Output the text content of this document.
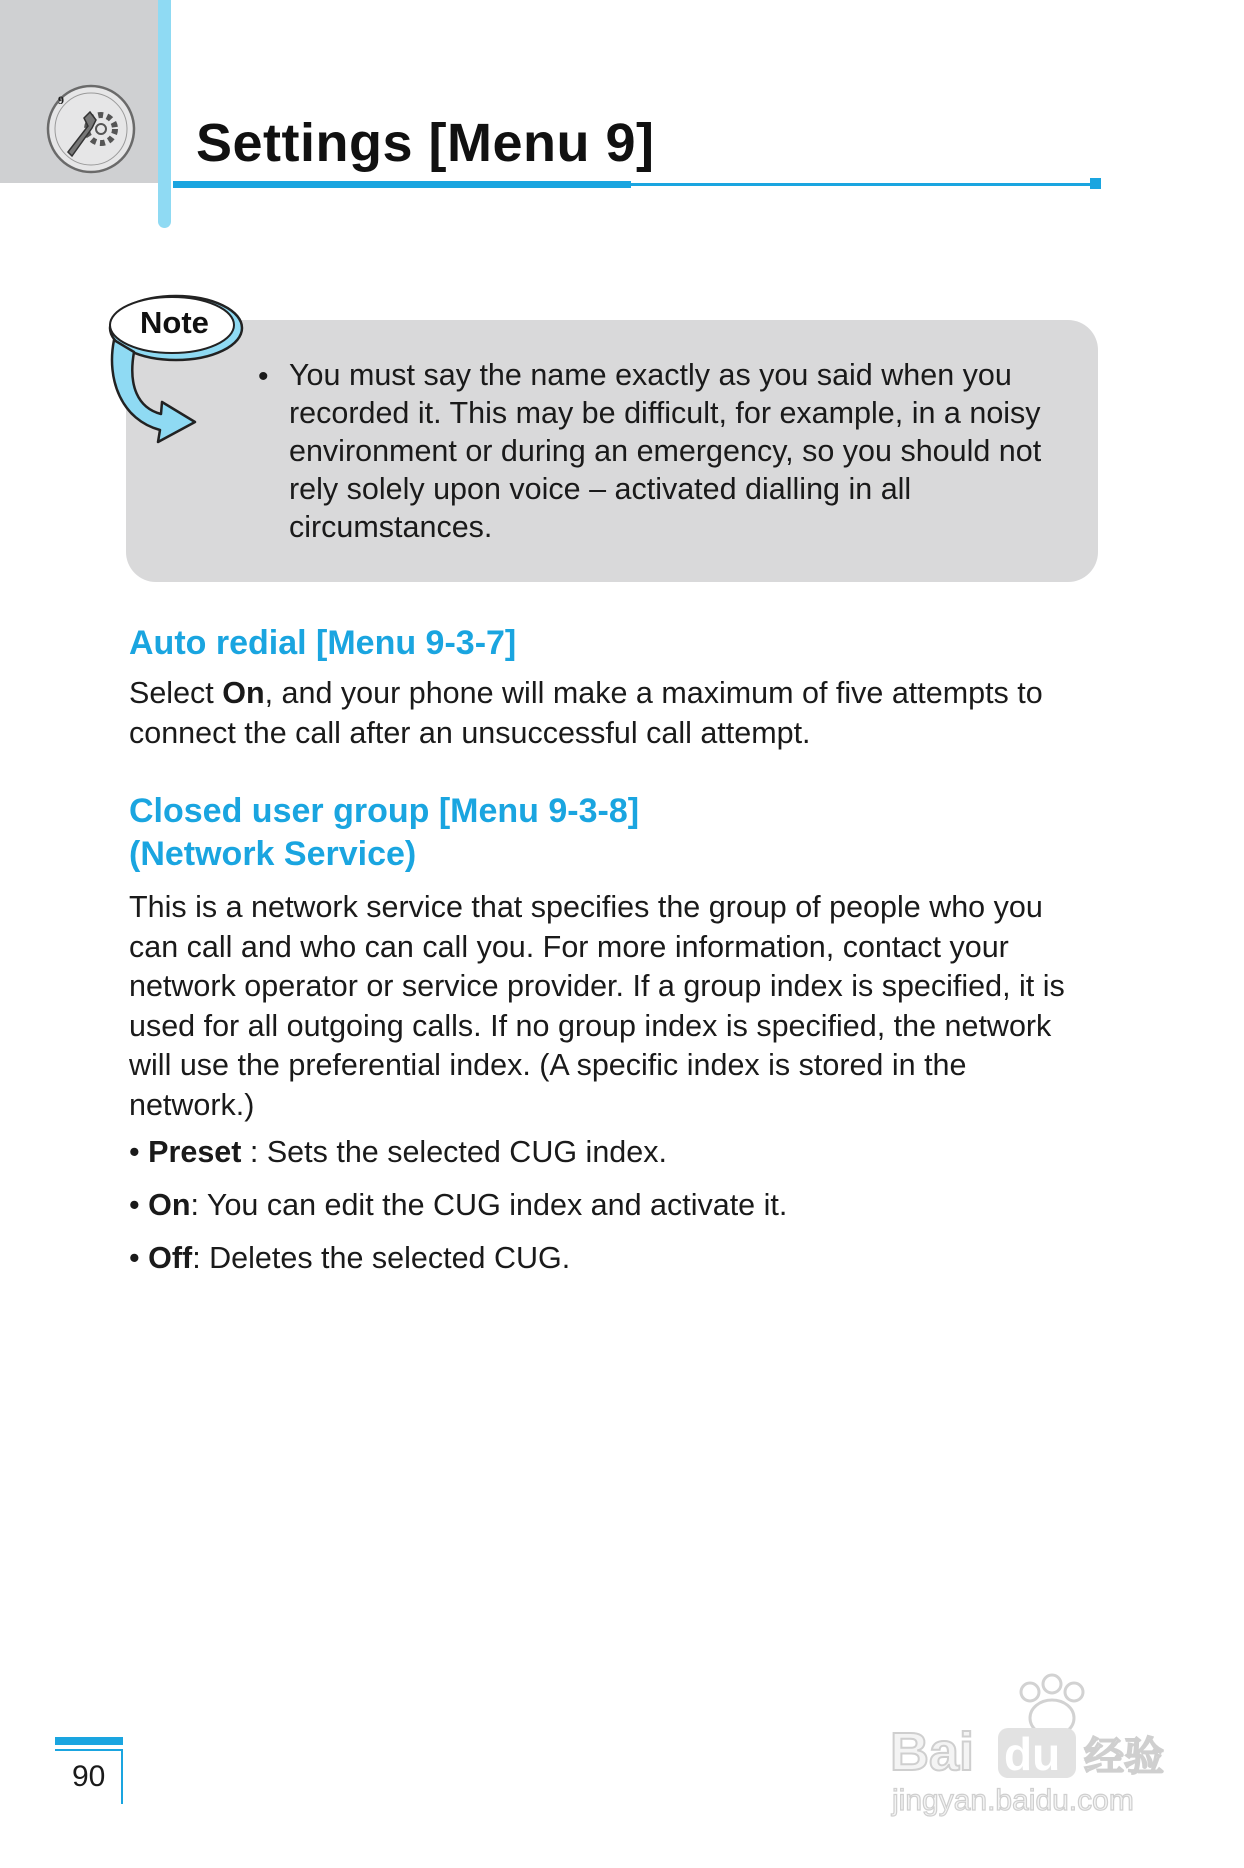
9
Settings [Menu 9]
Note
• You must say the name exactly as you said when you recorded it. This may be difficult, for example, in a noisy environment or during an emergency, so you should not rely solely upon voice – activated dialling in all circumstances.

Auto redial [Menu 9-3-7]

Select On, and your phone will make a maximum of five attempts to connect the call after an unsuccessful call attempt.

Closed user group [Menu 9-3-8]
(Network Service)

This is a network service that specifies the group of people who you can call and who can call you. For more information, contact your network operator or service provider. If a group index is specified, it is used for all outgoing calls. If no group index is specified, the network will use the preferential index. (A specific index is stored in the network.)

• Preset : Sets the selected CUG index.

• On: You can edit the CUG index and activate it.

• Off: Deletes the selected CUG.

90	Bai du 经验
jingyan.baidu.com
